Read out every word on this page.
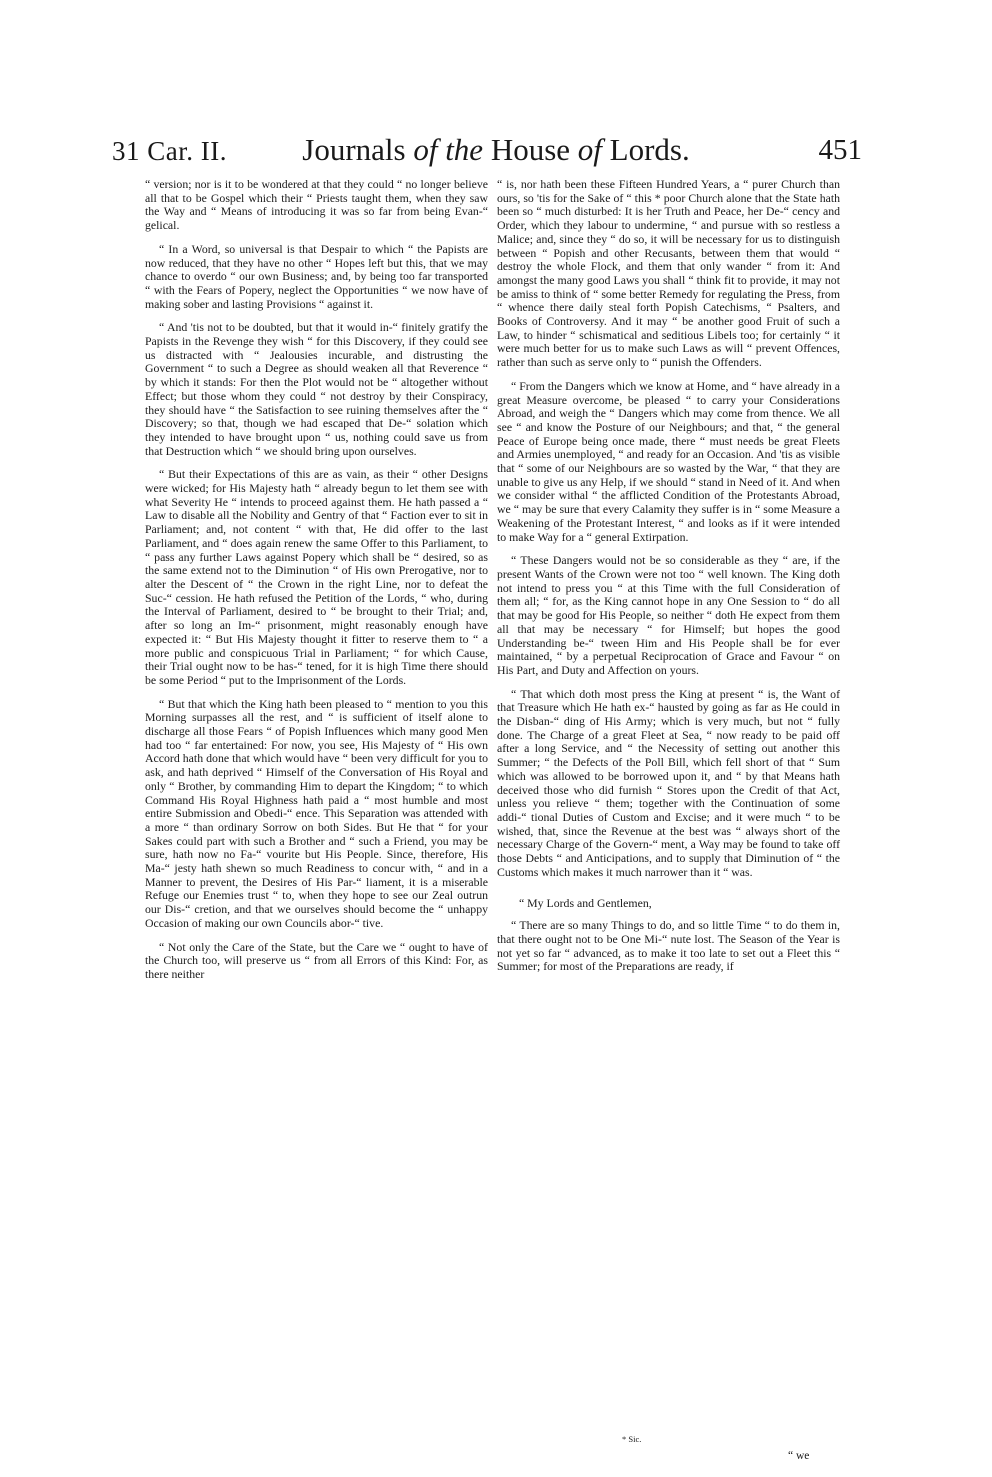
31 Car. II.	Journals of the House of Lords.	451

“ version; nor is it to be wondered at that they could “ no longer believe all that to be Gospel which their “ Priests taught them, when they saw the Way and “ Means of introducing it was so far from being Evan-“ gelical.

“ In a Word, so universal is that Despair to which “ the Papists are now reduced, that they have no other “ Hopes left but this, that we may chance to overdo “ our own Business; and, by being too far transported “ with the Fears of Popery, neglect the Opportunities “ we now have of making sober and lasting Provisions “ against it.

“ And 'tis not to be doubted, but that it would in-“ finitely gratify the Papists in the Revenge they wish “ for this Discovery, if they could see us distracted with “ Jealousies incurable, and distrusting the Government “ to such a Degree as should weaken all that Reverence “ by which it stands: For then the Plot would not be “ altogether without Effect; but those whom they could “ not destroy by their Conspiracy, they should have “ the Satisfaction to see ruining themselves after the “ Discovery; so that, though we had escaped that De-“ solation which they intended to have brought upon “ us, nothing could save us from that Destruction which “ we should bring upon ourselves.

“ But their Expectations of this are as vain, as their “ other Designs were wicked; for His Majesty hath “ already begun to let them see with what Severity He “ intends to proceed against them. He hath passed a “ Law to disable all the Nobility and Gentry of that “ Faction ever to sit in Parliament; and, not content “ with that, He did offer to the last Parliament, and “ does again renew the same Offer to this Parliament, to “ pass any further Laws against Popery which shall be “ desired, so as the same extend not to the Diminution “ of His own Prerogative, nor to alter the Descent of “ the Crown in the right Line, nor to defeat the Suc-“ cession. He hath refused the Petition of the Lords, “ who, during the Interval of Parliament, desired to “ be brought to their Trial; and, after so long an Im-“ prisonment, might reasonably enough have expected it: “ But His Majesty thought it fitter to reserve them to “ a more public and conspicuous Trial in Parliament; “ for which Cause, their Trial ought now to be has-“ tened, for it is high Time there should be some Period “ put to the Imprisonment of the Lords.

“ But that which the King hath been pleased to “ mention to you this Morning surpasses all the rest, and “ is sufficient of itself alone to discharge all those Fears “ of Popish Influences which many good Men had too “ far entertained: For now, you see, His Majesty of “ His own Accord hath done that which would have “ been very difficult for you to ask, and hath deprived “ Himself of the Conversation of His Royal and only “ Brother, by commanding Him to depart the Kingdom; “ to which Command His Royal Highness hath paid a “ most humble and most entire Submission and Obedi-“ ence. This Separation was attended with a more “ than ordinary Sorrow on both Sides. But He that “ for your Sakes could part with such a Brother and “ such a Friend, you may be sure, hath now no Fa-“ vourite but His People. Since, therefore, His Ma-“ jesty hath shewn so much Readiness to concur with, “ and in a Manner to prevent, the Desires of His Par-“ liament, it is a miserable Refuge our Enemies trust “ to, when they hope to see our Zeal outrun our Dis-“ cretion, and that we ourselves should become the “ unhappy Occasion of making our own Councils abor-“ tive.

“ Not only the Care of the State, but the Care we “ ought to have of the Church too, will preserve us “ from all Errors of this Kind: For, as there neither

“ is, nor hath been these Fifteen Hundred Years, a “ purer Church than ours, so 'tis for the Sake of “ this * poor Church alone that the State hath been so “ much disturbed: It is her Truth and Peace, her De-“ cency and Order, which they labour to undermine, “ and pursue with so restless a Malice; and, since they “ do so, it will be necessary for us to distinguish between “ Popish and other Recusants, between them that would “ destroy the whole Flock, and them that only wander “ from it: And amongst the many good Laws you shall “ think fit to provide, it may not be amiss to think of “ some better Remedy for regulating the Press, from “ whence there daily steal forth Popish Catechisms, “ Psalters, and Books of Controversy. And it may “ be another good Fruit of such a Law, to hinder “ schismatical and seditious Libels too; for certainly “ it were much better for us to make such Laws as will “ prevent Offences, rather than such as serve only to “ punish the Offenders.

“ From the Dangers which we know at Home, and “ have already in a great Measure overcome, be pleased “ to carry your Considerations Abroad, and weigh the “ Dangers which may come from thence. We all see “ and know the Posture of our Neighbours; and that, “ the general Peace of Europe being once made, there “ must needs be great Fleets and Armies unemployed, “ and ready for an Occasion. And 'tis as visible that “ some of our Neighbours are so wasted by the War, “ that they are unable to give us any Help, if we should “ stand in Need of it. And when we consider withal “ the afflicted Condition of the Protestants Abroad, we “ may be sure that every Calamity they suffer is in “ some Measure a Weakening of the Protestant Interest, “ and looks as if it were intended to make Way for a “ general Extirpation.

“ These Dangers would not be so considerable as they “ are, if the present Wants of the Crown were not too “ well known. The King doth not intend to press you “ at this Time with the full Consideration of them all; “ for, as the King cannot hope in any One Session to “ do all that may be good for His People, so neither “ doth He expect from them all that may be necessary “ for Himself; but hopes the good Understanding be-“ tween Him and His People shall be for ever maintained, “ by a perpetual Reciprocation of Grace and Favour “ on His Part, and Duty and Affection on yours.

“ That which doth most press the King at present “ is, the Want of that Treasure which He hath ex-“ hausted by going as far as He could in the Disban-“ ding of His Army; which is very much, but not “ fully done. The Charge of a great Fleet at Sea, “ now ready to be paid off after a long Service, and “ the Necessity of setting out another this Summer; “ the Defects of the Poll Bill, which fell short of that “ Sum which was allowed to be borrowed upon it, and “ by that Means hath deceived those who did furnish “ Stores upon the Credit of that Act, unless you relieve “ them; together with the Continuation of some addi-“ tional Duties of Custom and Excise; and it were much “ to be wished, that, since the Revenue at the best was “ always short of the necessary Charge of the Govern-“ ment, a Way may be found to take off those Debts “ and Anticipations, and to supply that Diminution of “ the Customs which makes it much narrower than it “ was.

“ My Lords and Gentlemen,

“ There are so many Things to do, and so little Time “ to do them in, that there ought not to be One Mi-“ nute lost. The Season of the Year is not yet so far “ advanced, as to make it too late to set out a Fleet this “ Summer; for most of the Preparations are ready, if

* Sic.
“ we
